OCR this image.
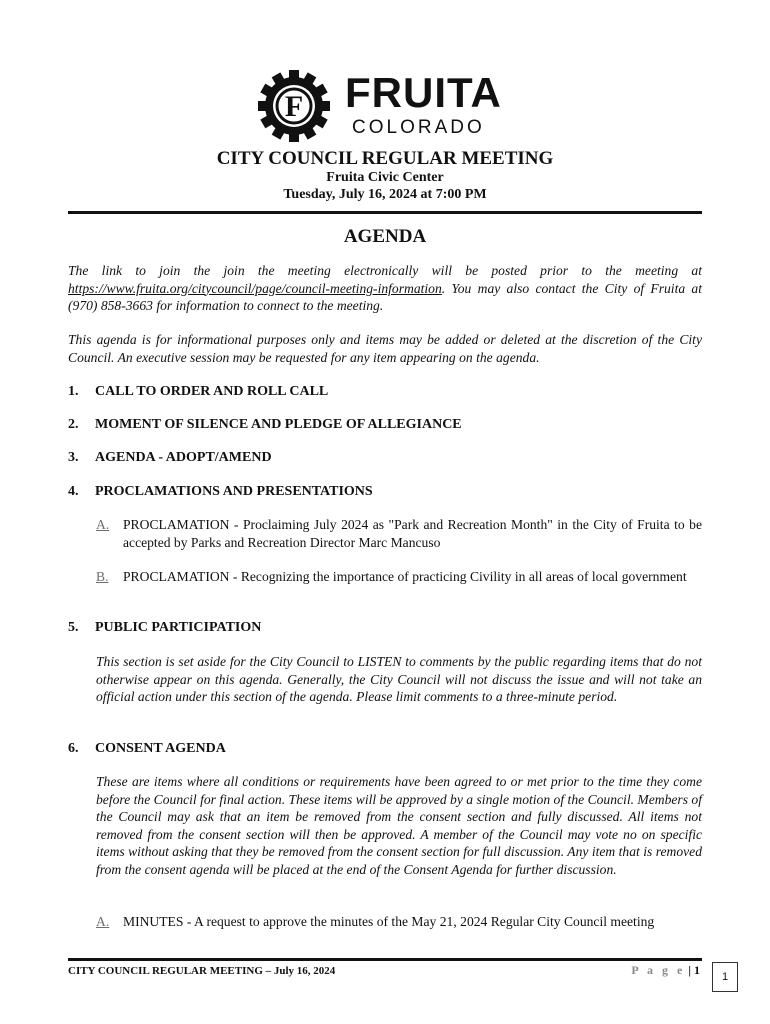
F FRUITA
COLORADO
CITY COUNCIL REGULAR MEETING
Fruita Civic Center
Tuesday, July 16, 2024 at 7:00 PM
AGENDA
The link to join the join the meeting electronically will be posted prior to the meeting at https://www.fruita.org/citycouncil/page/council-meeting-information. You may also contact the City of Fruita at (970) 858-3663 for information to connect to the meeting.
This agenda is for informational purposes only and items may be added or deleted at the discretion of the City Council. An executive session may be requested for any item appearing on the agenda.
1. CALL TO ORDER AND ROLL CALL
2. MOMENT OF SILENCE AND PLEDGE OF ALLEGIANCE
3. AGENDA - ADOPT/AMEND
4. PROCLAMATIONS AND PRESENTATIONS
A. PROCLAMATION - Proclaiming July 2024 as "Park and Recreation Month" in the City of Fruita to be accepted by Parks and Recreation Director Marc Mancuso
B. PROCLAMATION - Recognizing the importance of practicing Civility in all areas of local government
5. PUBLIC PARTICIPATION
This section is set aside for the City Council to LISTEN to comments by the public regarding items that do not otherwise appear on this agenda. Generally, the City Council will not discuss the issue and will not take an official action under this section of the agenda. Please limit comments to a three-minute period.
6. CONSENT AGENDA
These are items where all conditions or requirements have been agreed to or met prior to the time they come before the Council for final action. These items will be approved by a single motion of the Council. Members of the Council may ask that an item be removed from the consent section and fully discussed. All items not removed from the consent section will then be approved. A member of the Council may vote no on specific items without asking that they be removed from the consent section for full discussion. Any item that is removed from the consent agenda will be placed at the end of the Consent Agenda for further discussion.
A. MINUTES - A request to approve the minutes of the May 21, 2024 Regular City Council meeting
CITY COUNCIL REGULAR MEETING – July 16, 2024	P a g e | 1	1
